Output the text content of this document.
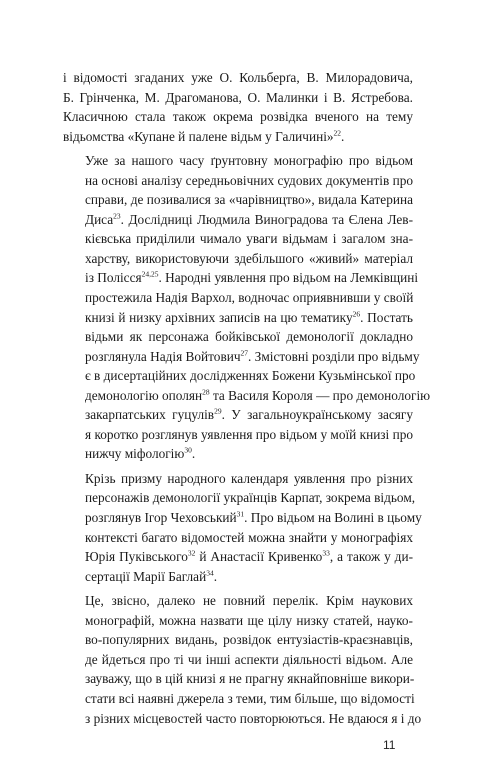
і відомості згаданих уже О. Кольберґа, В. Милорадовича,
Б. Грінченка, М. Драгоманова, О. Малинки і В. Ястребова.
Класичною стала також окрема розвідка вченого на тему
відьомства «Купане й палене відьм у Галичині»$^{22}$.
Уже за нашого часу ґрунтовну монографію про відьом
на основі аналізу середньовічних судових документів про
справи, де позивалися за «чарівництво», видала Катерина
Диса$^{23}$. Дослідниці Людмила Виноградова та Єлена Лев-
кієвська приділили чимало уваги відьмам і загалом зна-
харству, використовуючи здебільшого «живий» матеріал
із Полісся$^{24,25}$. Народні уявлення про відьом на Лемківщині
простежила Надія Вархол, водночас оприявнивши у своїй
книзі й низку архівних записів на цю тематику$^{26}$. Постать
відьми як персонажа бойківської демонології докладно
розглянула Надія Войтович$^{27}$. Змістовні розділи про відьму
є в дисертаційних дослідженнях Божени Кузьмінської про
демонологію ополян$^{28}$ та Василя Короля — про демонологію
закарпатських гуцулів$^{29}$. У загальноукраїнському засягу
я коротко розглянув уявлення про відьом у моїй книзі про
нижчу міфологію$^{30}$.
Крізь призму народного календаря уявлення про різних
персонажів демонології українців Карпат, зокрема відьом,
розглянув Ігор Чеховський$^{31}$. Про відьом на Волині в цьому
контексті багато відомостей можна знайти у монографіях
Юрія Пуківського$^{32}$ й Анастасії Кривенко$^{33}$, а також у ди-
сертації Марії Баглай$^{34}$.
Це, звісно, далеко не повний перелік. Крім наукових
монографій, можна назвати ще цілу низку статей, науко-
во-популярних видань, розвідок ентузіастів-краєзнавців,
де йдеться про ті чи інші аспекти діяльності відьом. Але
зауважу, що в цій книзі я не прагну якнайповніше викори-
стати всі наявні джерела з теми, тим більше, що відомості
з різних місцевостей часто повторюються. Не вдаюся я і до
11
